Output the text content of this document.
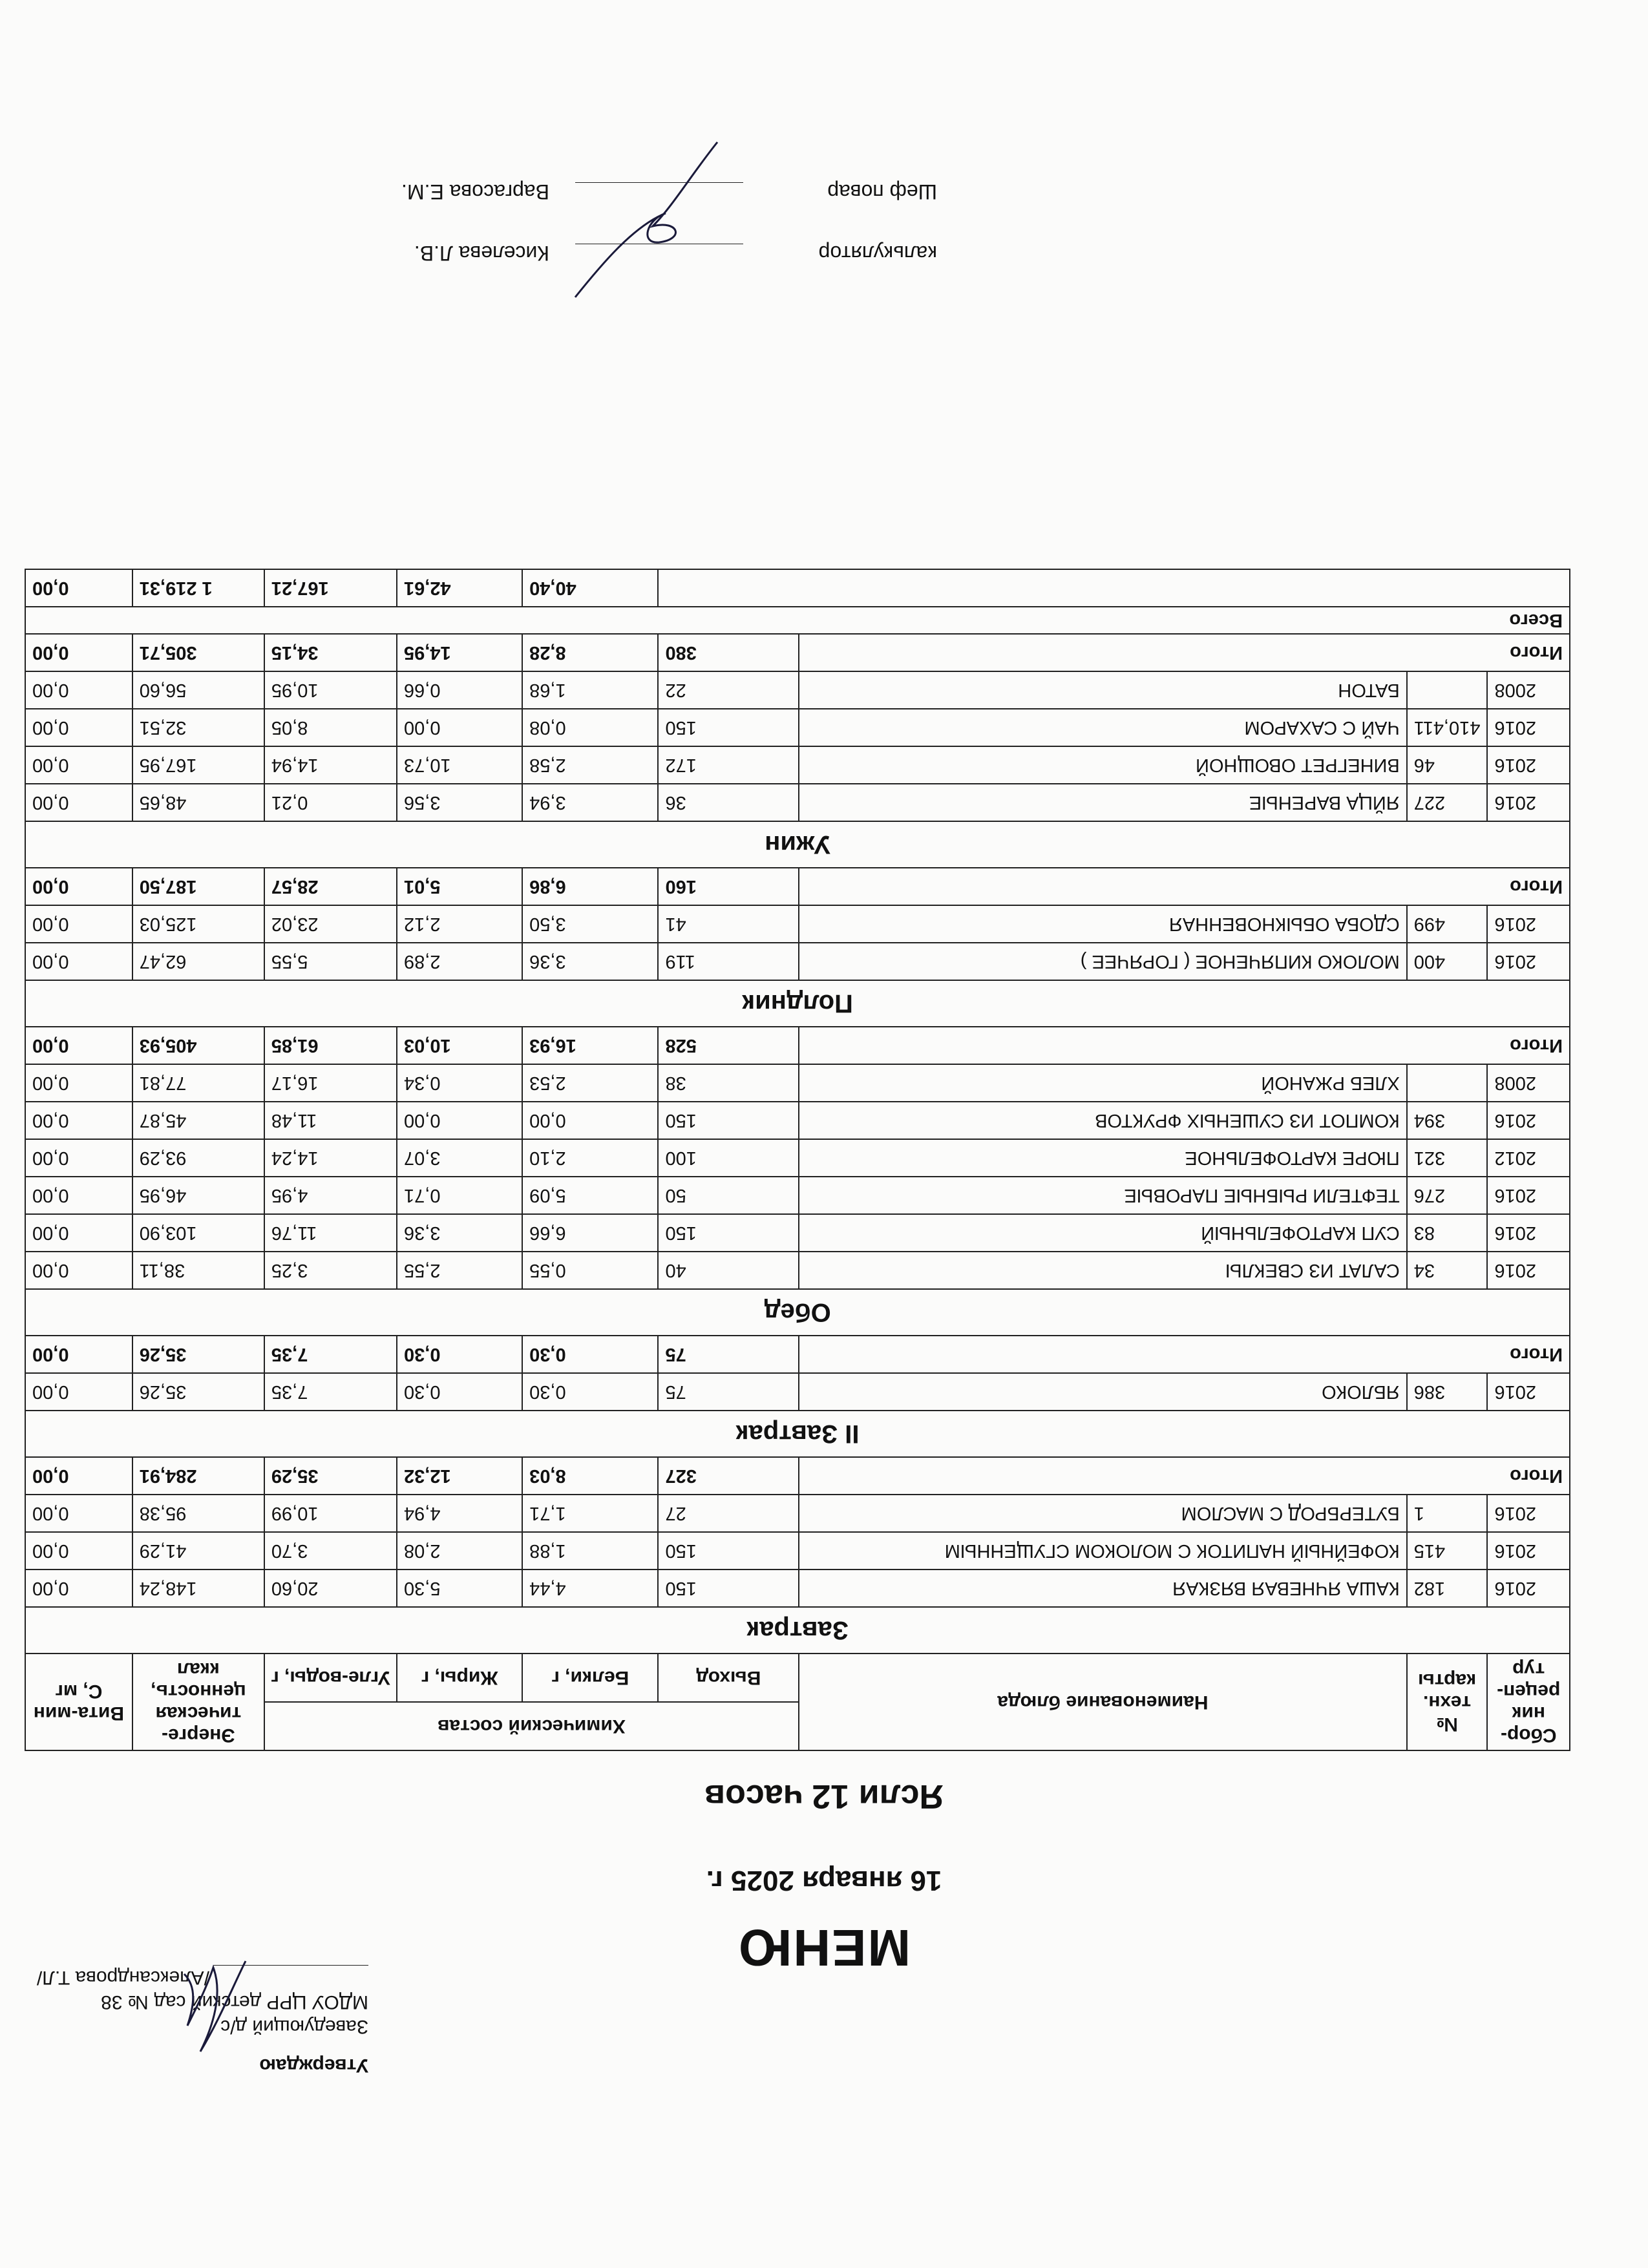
Утверждаю
Заведующий д/с
МДОУ ЦРР детский сад № 38
/Александрова Т.Л/
МЕНЮ
16 января 2025 г.
Ясли 12 часов
Сбор-ник рецеп-тур	№ техн. карты	Наименование блюда	Химический состав				Энерге-тическая ценность, ккал	Вита-мин С, мг
			Выход	Белки, г	Жиры, г	Угле-воды, г		
Завтрак								
2016	182	КАША ЯЧНЕВАЯ ВЯЗКАЯ	150	4,44	5,30	20,60	148,24	0,00
2016	415	КОФЕЙНЫЙ НАПИТОК С МОЛОКОМ СГУЩЕННЫМ	150	1,88	2,08	3,70	41,29	0,00
2016	1	БУТЕРБРОД С МАСЛОМ	27	1,71	4,94	10,99	95,38	0,00
Итого			327	8,03	12,32	35,29	284,91	0,00
II Завтрак								
2016	386	ЯБЛОКО	75	0,30	0,30	7,35	35,26	0,00
Итого			75	0,30	0,30	7,35	35,26	0,00
Обед								
2016	34	САЛАТ ИЗ СВЕКЛЫ	40	0,55	2,55	3,25	38,11	0,00
2016	83	СУП КАРТОФЕЛЬНЫЙ	150	6,66	3,36	11,76	103,90	0,00
2016	276	ТЕФТЕЛИ РЫБНЫЕ ПАРОВЫЕ	50	5,09	0,71	4,95	46,95	0,00
2012	321	ПЮРЕ КАРТОФЕЛЬНОЕ	100	2,10	3,07	14,24	93,29	0,00
2016	394	КОМПОТ ИЗ СУШЕНЫХ ФРУКТОВ	150	0,00	0,00	11,48	45,87	0,00
2008		ХЛЕБ РЖАНОЙ	38	2,53	0,34	16,17	77,81	0,00
Итого			528	16,93	10,03	61,85	405,93	0,00
Полдник								
2016	400	МОЛОКО КИПЯЧЕНОЕ ( ГОРЯЧЕЕ )	119	3,36	2,89	5,55	62,47	0,00
2016	499	СДОБА ОБЫКНОВЕННАЯ	41	3,50	2,12	23,02	125,03	0,00
Итого			160	6,86	5,01	28,57	187,50	0,00
Ужин								
2016	227	ЯЙЦА ВАРЕНЫЕ	36	3,94	3,56	0,21	48,65	0,00
2016	46	ВИНЕГРЕТ ОВОЩНОЙ	172	2,58	10,73	14,94	167,95	0,00
2016	410,411	ЧАЙ С САХАРОМ	150	0,08	0,00	8,05	32,51	0,00
2008		БАТОН	22	1,68	0,66	10,95	56,60	0,00
Итого			380	8,28	14,95	34,15	305,71	0,00
Всего								
				40,40	42,61	167,21	1 219,31	0,00
калькулятор
Киселева Л.В.
Шеф повар
Варгасова Е.М.
